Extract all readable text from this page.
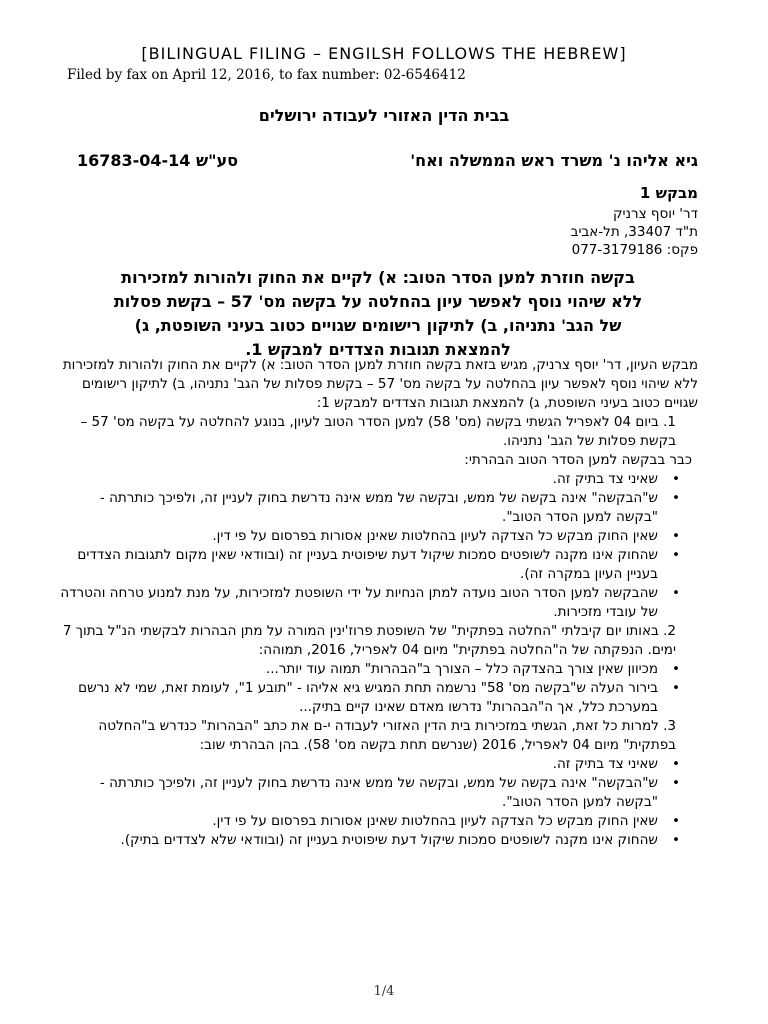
[BILINGUAL FILING – ENGILSH FOLLOWS THE HEBREW]
Filed by fax on April 12, 2016, to fax number: 02-6546412
בבית הדין האזורי לעבודה ירושלים
גיא אליהו נ' משרד ראש הממשלה ואח'
סע"ש 16783-04-14
מבקש 1
דר' יוסף צרניק
ת"ד 33407, תל-אביב
פקס: 077-3179186
בקשה חוזרת למען הסדר הטוב: א) לקיים את החוק ולהורות למזכירות
ללא שיהוי נוסף לאפשר עיון בהחלטה על בקשה מס' 57 – בקשת פסלות
של הגב' נתניהו, ב) לתיקון רישומים שגויים כטוב בעיני השופטת, ג)
להמצאת תגובות הצדדים למבקש 1.

מבקש העיון, דר' יוסף צרניק, מגיש בזאת בקשה חוזרת למען הסדר הטוב: א) לקיים את החוק ולהורות למזכירות ללא שיהוי נוסף לאפשר עיון בהחלטה על בקשה מס' 57 – בקשת פסלות של הגב' נתניהו, ב) לתיקון רישומים שגויים כטוב בעיני השופטת, ג) להמצאת תגובות הצדדים למבקש 1:

1. ביום 04 לאפריל הגשתי בקשה (מס' 58) למען הסדר הטוב לעיון, בנוגע להחלטה על בקשה מס' 57 – בקשת פסלות של הגב' נתניהו.

כבר בבקשה למען הסדר הטוב הבהרתי:

• שאיני צד בתיק זה.
• ש"הבקשה" אינה בקשה של ממש, ובקשה של ממש אינה נדרשת בחוק לעניין זה, ולפיכך כותרתה - "בקשה למען הסדר הטוב".
• שאין החוק מבקש כל הצדקה לעיון בהחלטות שאינן אסורות בפרסום על פי דין.
• שהחוק אינו מקנה לשופטים סמכות שיקול דעת שיפוטית בעניין זה (ובוודאי שאין מקום לתגובות הצדדים בעניין העיון במקרה זה).
• שהבקשה למען הסדר הטוב נועדה למתן הנחיות על ידי השופטת למזכירות, על מנת למנוע טרחה והטרדה של עובדי מזכירות.

2. באותו יום קיבלתי "החלטה בפתקית" של השופטת פרוז'ינין המורה על מתן הבהרות לבקשתי הנ"ל בתוך 7 ימים. הנפקתה של ה"החלטה בפתקית" מיום 04 לאפריל, 2016, תמוהה:

• מכיוון שאין צורך בהצדקה כלל – הצורך ב"הבהרות" תמוה עוד יותר...
• בירור העלה ש"בקשה מס' 58" נרשמה תחת המגיש גיא אליהו - "תובע 1", לעומת זאת, שמי לא נרשם במערכת כלל, אך ה"הבהרות" נדרשו מאדם שאינו קיים בתיק...

3. למרות כל זאת, הגשתי במזכירות בית הדין האזורי לעבודה י-ם את כתב "הבהרות" כנדרש ב"החלטה בפתקית" מיום 04 לאפריל, 2016 (שנרשם תחת בקשה מס' 58). בהן הבהרתי שוב:

• שאיני צד בתיק זה.
• ש"הבקשה" אינה בקשה של ממש, ובקשה של ממש אינה נדרשת בחוק לעניין זה, ולפיכך כותרתה - "בקשה למען הסדר הטוב".
• שאין החוק מבקש כל הצדקה לעיון בהחלטות שאינן אסורות בפרסום על פי דין.
• שהחוק אינו מקנה לשופטים סמכות שיקול דעת שיפוטית בעניין זה (ובוודאי שלא לצדדים בתיק).
1/4
